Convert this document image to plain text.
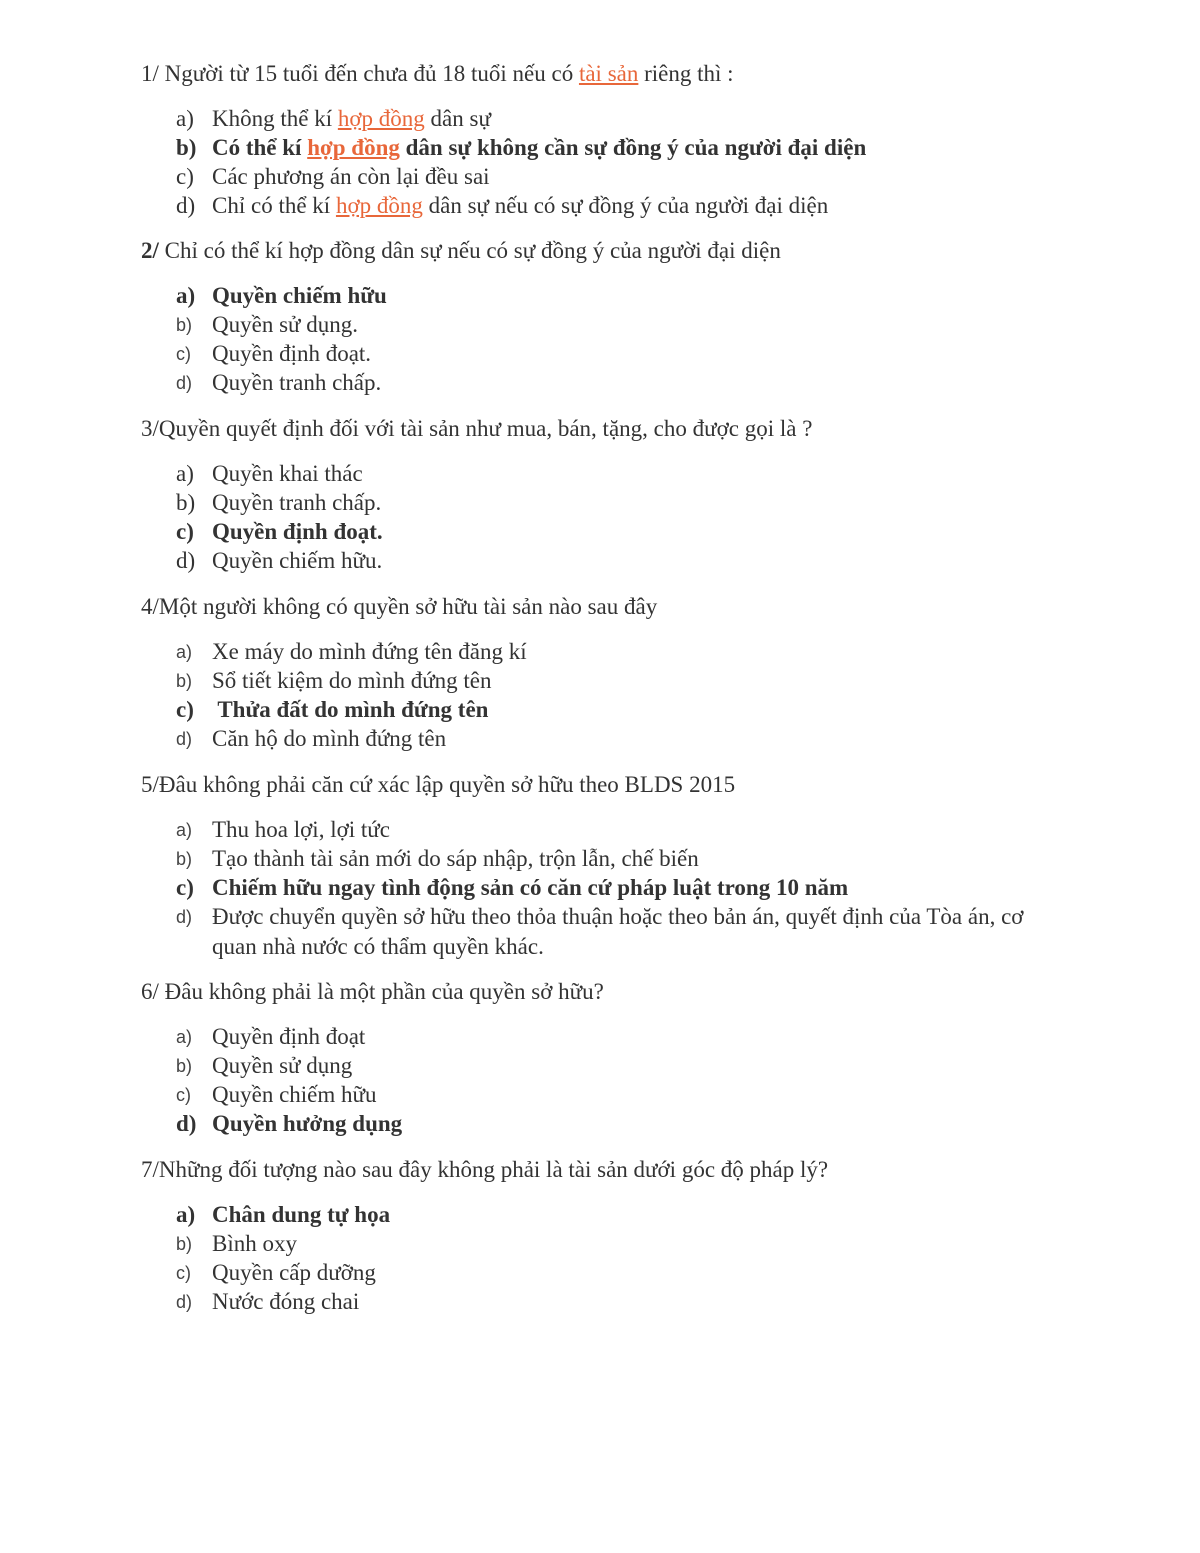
1/ Người từ 15 tuổi đến chưa đủ 18 tuổi nếu có tài sản riêng thì :
a) Không thể kí hợp đồng dân sự
b) Có thể kí hợp đồng dân sự không cần sự đồng ý của người đại diện
c) Các phương án còn lại đều sai
d) Chỉ có thể kí hợp đồng dân sự nếu có sự đồng ý của người đại diện
2/ Chỉ có thể kí hợp đồng dân sự nếu có sự đồng ý của người đại diện
a) Quyền chiếm hữu
b) Quyền sử dụng.
c) Quyền định đoạt.
d) Quyền tranh chấp.
3/Quyền quyết định đối với tài sản như mua, bán, tặng, cho được gọi là ?
a) Quyền khai thác
b) Quyền tranh chấp.
c) Quyền định đoạt.
d) Quyền chiếm hữu.
4/Một người không có quyền sở hữu tài sản nào sau đây
a) Xe máy do mình đứng tên đăng kí
b) Sổ tiết kiệm do mình đứng tên
c) Thửa đất do mình đứng tên
d) Căn hộ do mình đứng tên
5/Đâu không phải căn cứ xác lập quyền sở hữu theo BLDS 2015
a) Thu hoa lợi, lợi tức
b) Tạo thành tài sản mới do sáp nhập, trộn lẫn, chế biến
c) Chiếm hữu ngay tình động sản có căn cứ pháp luật trong 10 năm
d) Được chuyển quyền sở hữu theo thỏa thuận hoặc theo bản án, quyết định của Tòa án, cơ quan nhà nước có thẩm quyền khác.
6/ Đâu không phải là một phần của quyền sở hữu?
a) Quyền định đoạt
b) Quyền sử dụng
c) Quyền chiếm hữu
d) Quyền hưởng dụng
7/Những đối tượng nào sau đây không phải là tài sản dưới góc độ pháp lý?
a) Chân dung tự họa
b) Bình oxy
c) Quyền cấp dưỡng
d) Nước đóng chai
